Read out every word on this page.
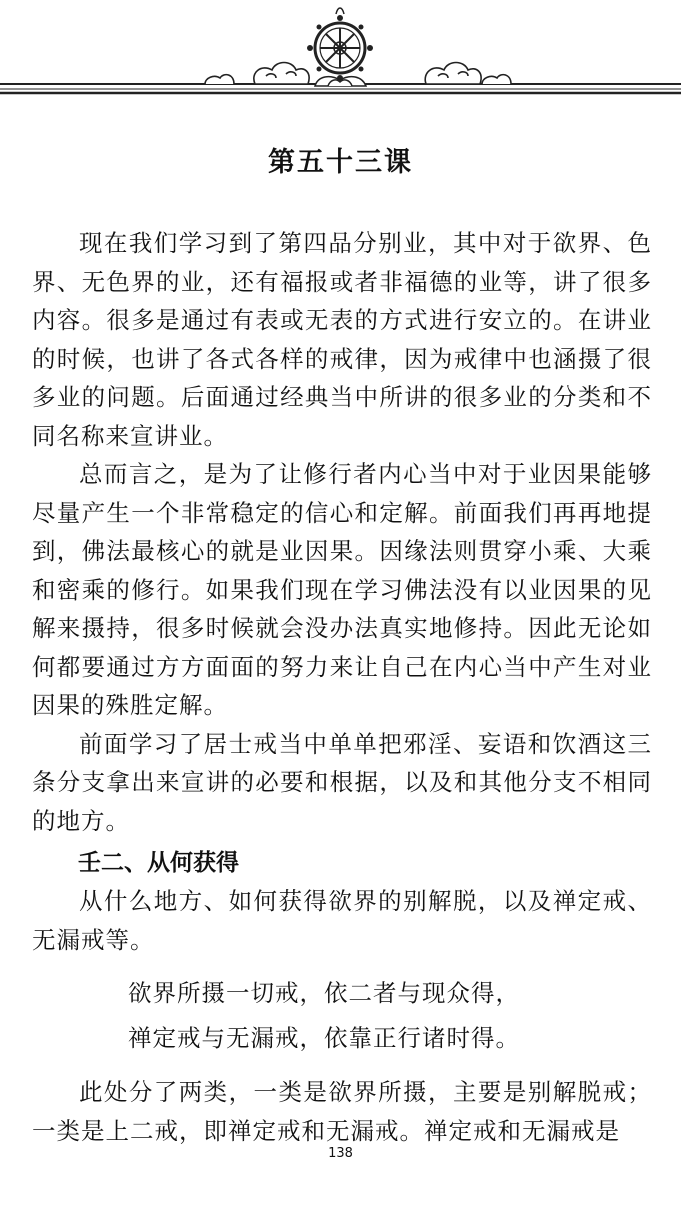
第五十三课

现在我们学习到了第四品分别业，其中对于欲界、色界、无色界的业，还有福报或者非福德的业等，讲了很多内容。很多是通过有表或无表的方式进行安立的。在讲业的时候，也讲了各式各样的戒律，因为戒律中也涵摄了很多业的问题。后面通过经典当中所讲的很多业的分类和不同名称来宣讲业。

总而言之，是为了让修行者内心当中对于业因果能够尽量产生一个非常稳定的信心和定解。前面我们再再地提到，佛法最核心的就是业因果。因缘法则贯穿小乘、大乘和密乘的修行。如果我们现在学习佛法没有以业因果的见解来摄持，很多时候就会没办法真实地修持。因此无论如何都要通过方方面面的努力来让自己在内心当中产生对业因果的殊胜定解。

前面学习了居士戒当中单单把邪淫、妄语和饮酒这三条分支拿出来宣讲的必要和根据，以及和其他分支不相同的地方。

壬二、从何获得

从什么地方、如何获得欲界的别解脱，以及禅定戒、无漏戒等。

欲界所摄一切戒，依二者与现众得，
禅定戒与无漏戒，依靠正行诸时得。

此处分了两类，一类是欲界所摄，主要是别解脱戒；一类是上二戒，即禅定戒和无漏戒。禅定戒和无漏戒是

138
